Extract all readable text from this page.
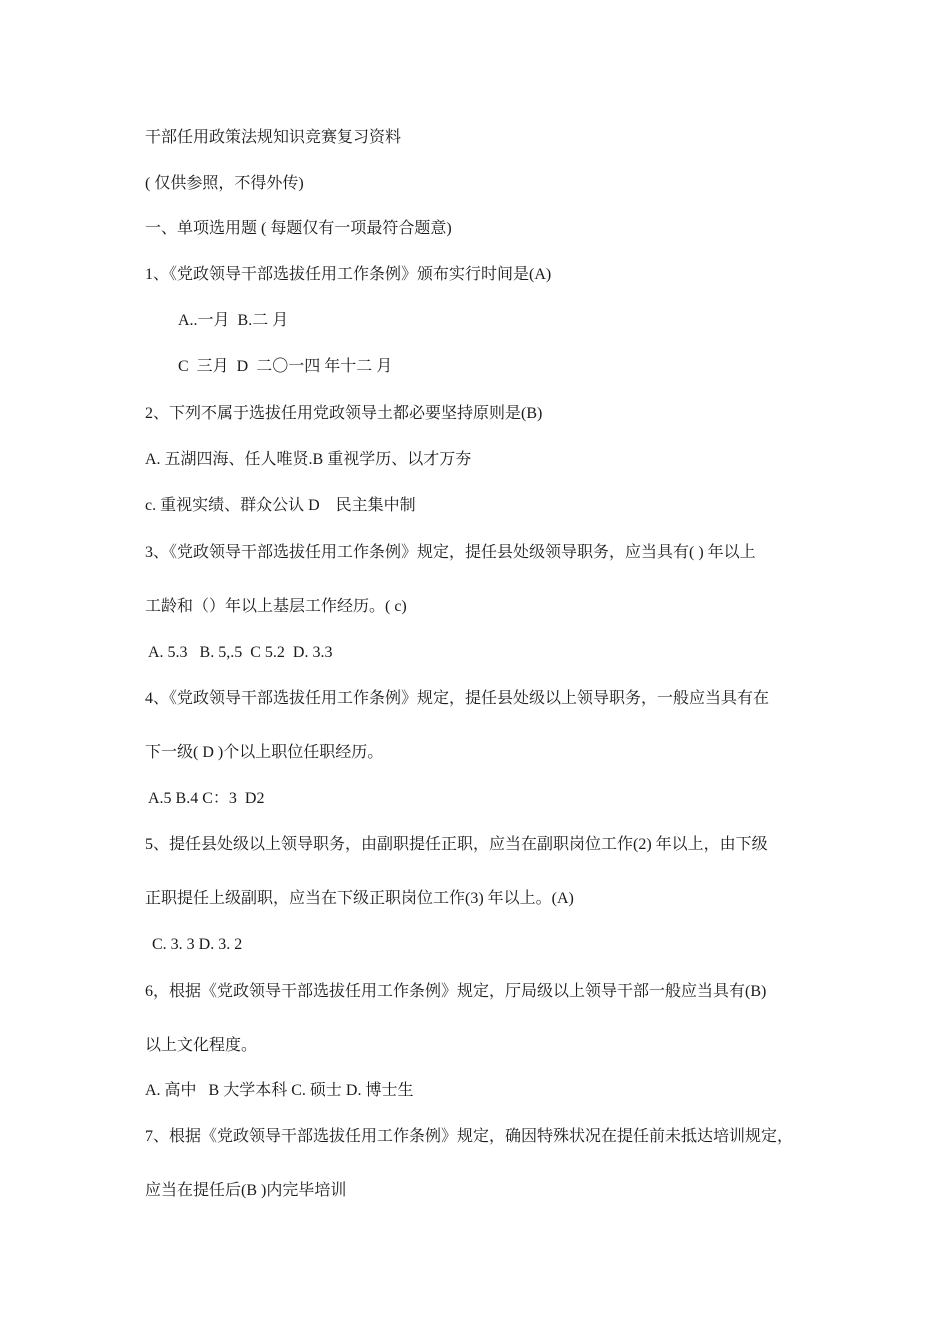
干部任用政策法规知识竞赛复习资料
( 仅供参照，不得外传)
一、单项选用题 ( 每题仅有一项最符合题意)
1、《党政领导干部选拔任用工作条例》颁布实行时间是(A)
A..一月  B.二 月
C  三月  D  二〇一四 年十二 月
2、下列不属于选拔任用党政领导土都必要坚持原则是(B)
A. 五湖四海、任人唯贤.B 重视学历、以才万夯
c. 重视实绩、群众公认 D    民主集中制
3、《党政领导干部选拔任用工作条例》规定，提任县处级领导职务，应当具有( ) 年以上
工龄和（）年以上基层工作经历。( c)
A. 5.3   B. 5,.5  C 5.2  D. 3.3
4、《党政领导干部选拔任用工作条例》规定，提任县处级以上领导职务，一般应当具有在
下一级( D )个以上职位任职经历。
A.5 B.4 C：3  D2
5、提任县处级以上领导职务，由副职提任正职，应当在副职岗位工作(2) 年以上，由下级
正职提任上级副职，应当在下级正职岗位工作(3) 年以上。(A)
C. 3. 3 D. 3. 2
6，根据《党政领导干部选拔任用工作条例》规定，厅局级以上领导干部一般应当具有(B)
以上文化程度。
A. 高中   B 大学本科 C. 硕士 D. 博士生
7、根据《党政领导干部选拔任用工作条例》规定，确因特殊状况在提任前未抵达培训规定，
应当在提任后(B )内完毕培训
